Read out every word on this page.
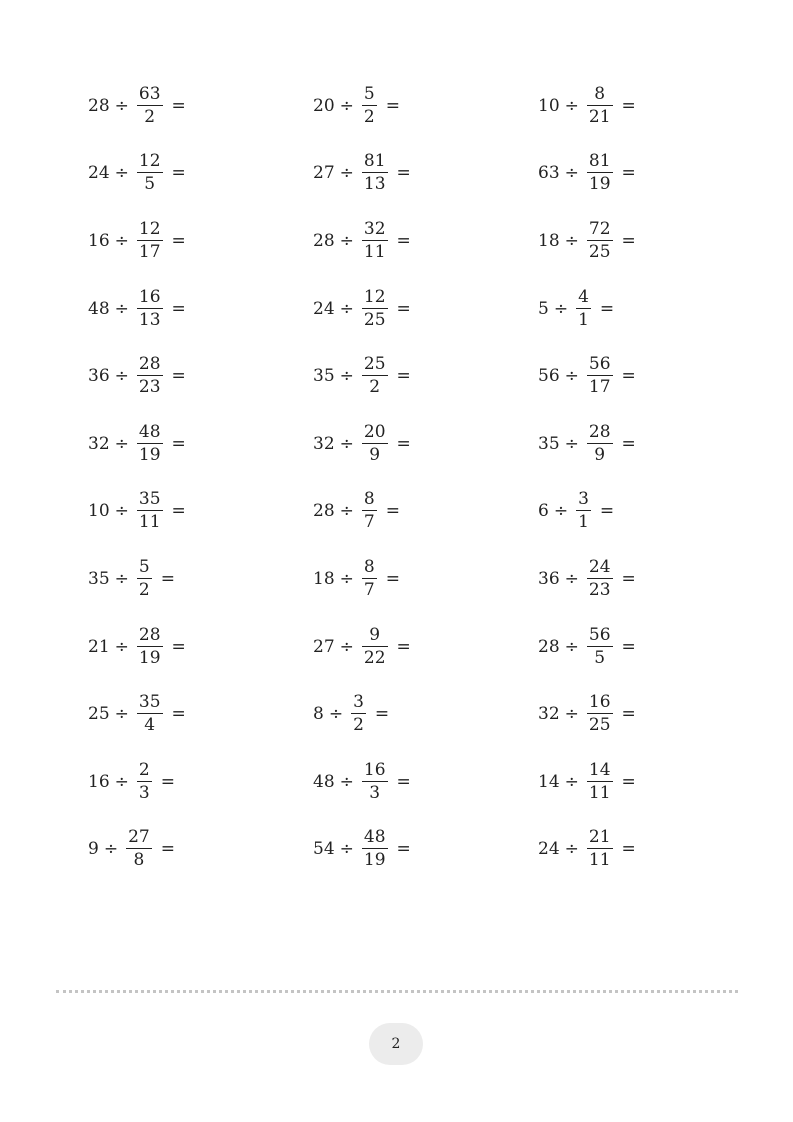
$28 \div \frac{63}{2}$ =	$20 \div \frac{5}{2}$ =	$10 \div \frac{8}{21}$ =
$24 \div \frac{12}{5}$ =	$27 \div \frac{81}{13}$ =	$63 \div \frac{81}{19}$ =
$16 \div \frac{12}{17}$ =	$28 \div \frac{32}{11}$ =	$18 \div \frac{72}{25}$ =
$48 \div \frac{16}{13}$ =	$24 \div \frac{12}{25}$ =	$5 \div \frac{4}{1}$ =
$36 \div \frac{28}{23}$ =	$35 \div \frac{25}{2}$ =	$56 \div \frac{56}{17}$ =
$32 \div \frac{48}{19}$ =	$32 \div \frac{20}{9}$ =	$35 \div \frac{28}{9}$ =
$10 \div \frac{35}{11}$ =	$28 \div \frac{8}{7}$ =	$6 \div \frac{3}{1}$ =
$35 \div \frac{5}{2}$ =	$18 \div \frac{8}{7}$ =	$36 \div \frac{24}{23}$ =
$21 \div \frac{28}{19}$ =	$27 \div \frac{9}{22}$ =	$28 \div \frac{56}{5}$ =
$25 \div \frac{35}{4}$ =	$8 \div \frac{3}{2}$ =	$32 \div \frac{16}{25}$ =
$16 \div \frac{2}{3}$ =	$48 \div \frac{16}{3}$ =	$14 \div \frac{14}{11}$ =
$9 \div \frac{27}{8}$ =	$54 \div \frac{48}{19}$ =	$24 \div \frac{21}{11}$ =
2
